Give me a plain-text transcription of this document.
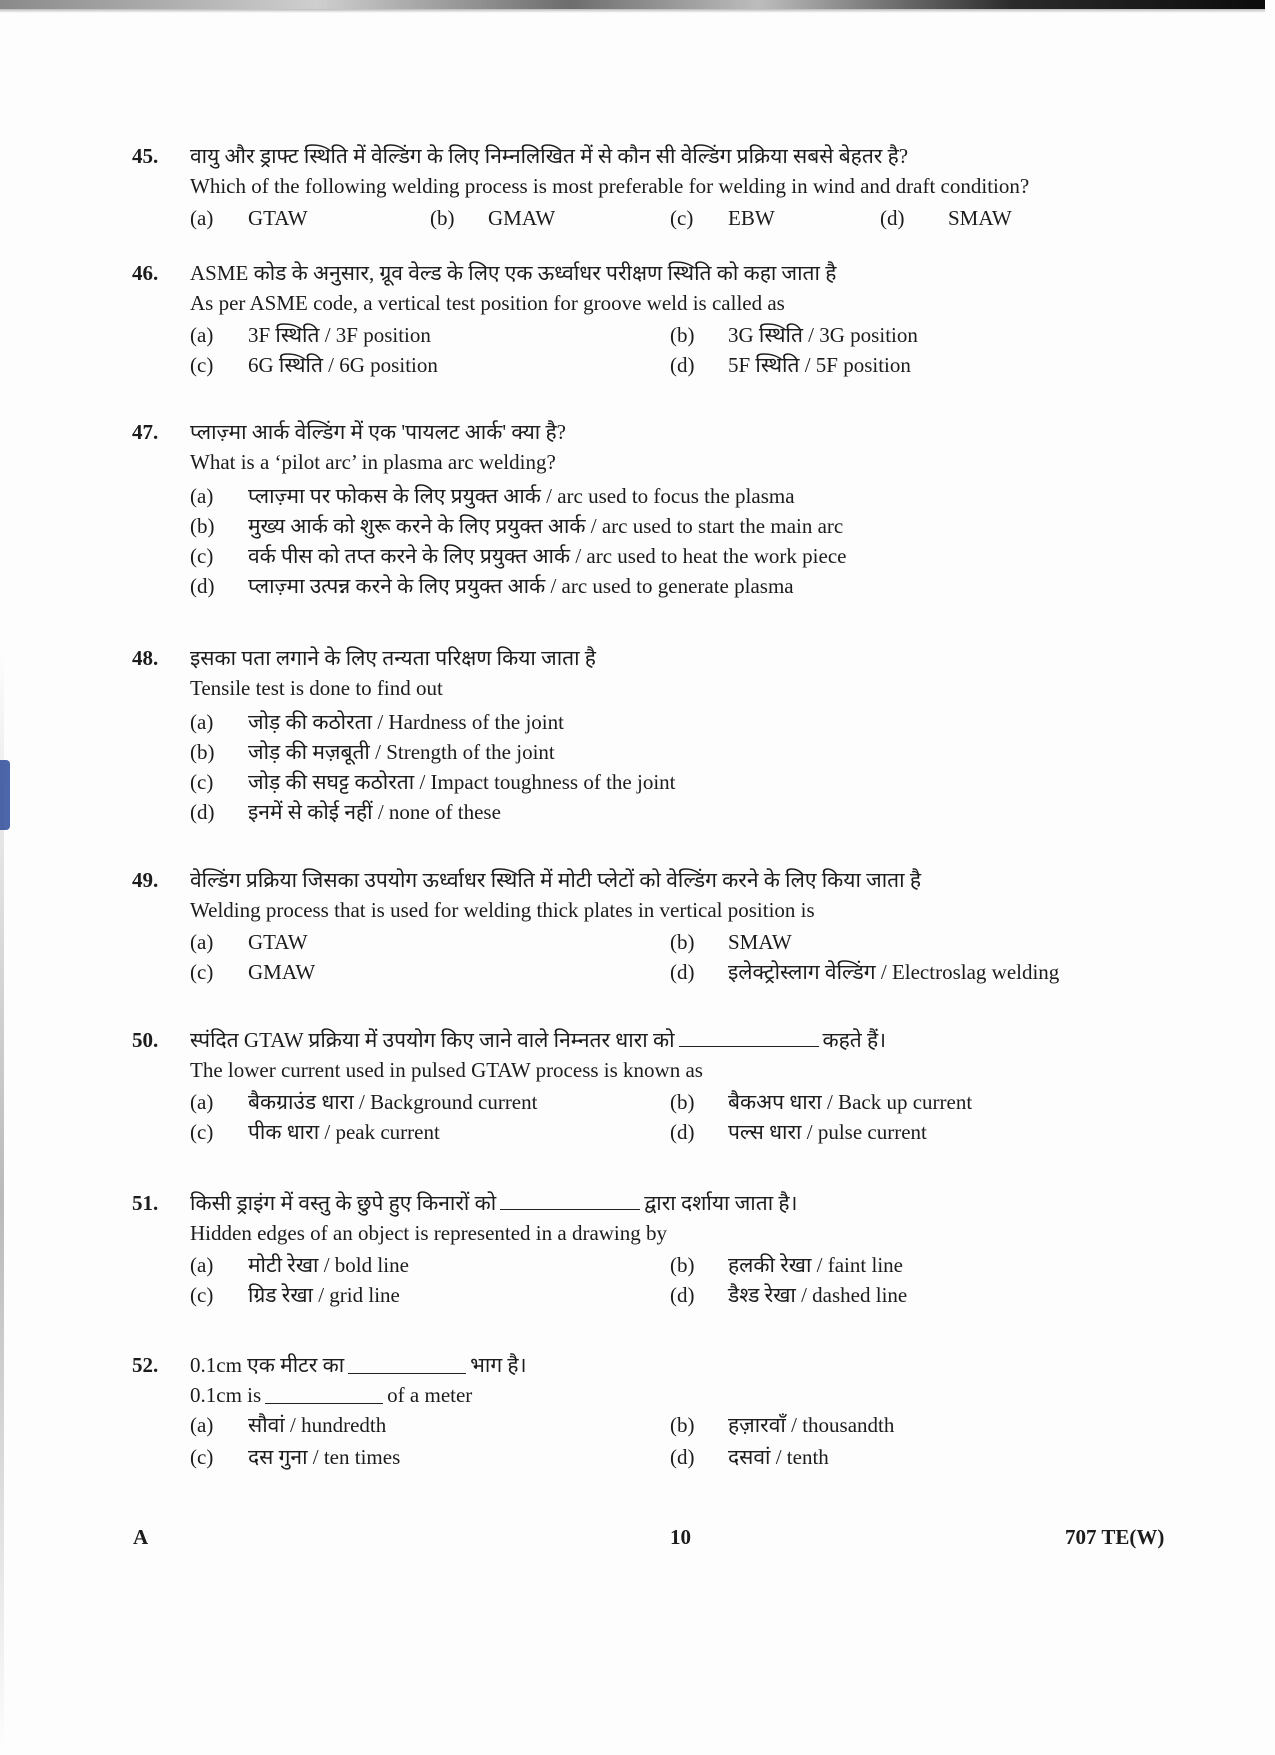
45. वायु और ड्राफ्ट स्थिति में वेल्डिंग के लिए निम्नलिखित में से कौन सी वेल्डिंग प्रक्रिया सबसे बेहतर है?
Which of the following welding process is most preferable for welding in wind and draft condition?
(a) GTAW	(b) GMAW	(c) EBW	(d) SMAW
46. ASME कोड के अनुसार, ग्रूव वेल्ड के लिए एक ऊर्ध्वाधर परीक्षण स्थिति को कहा जाता है
As per ASME code, a vertical test position for groove weld is called as
(a) 3F स्थिति / 3F position	(b) 3G स्थिति / 3G position
(c) 6G स्थिति / 6G position	(d) 5F स्थिति / 5F position
47. प्लाज़्मा आर्क वेल्डिंग में एक 'पायलट आर्क' क्या है?
What is a ‘pilot arc’ in plasma arc welding?
(a) प्लाज़्मा पर फोकस के लिए प्रयुक्त आर्क / arc used to focus the plasma
(b) मुख्य आर्क को शुरू करने के लिए प्रयुक्त आर्क / arc used to start the main arc
(c) वर्क पीस को तप्त करने के लिए प्रयुक्त आर्क / arc used to heat the work piece
(d) प्लाज़्मा उत्पन्न करने के लिए प्रयुक्त आर्क / arc used to generate plasma
48. इसका पता लगाने के लिए तन्यता परिक्षण किया जाता है
Tensile test is done to find out
(a) जोड़ की कठोरता / Hardness of the joint
(b) जोड़ की मज़बूती / Strength of the joint
(c) जोड़ की सघट्ट कठोरता / Impact toughness of the joint
(d) इनमें से कोई नहीं / none of these
49. वेल्डिंग प्रक्रिया जिसका उपयोग ऊर्ध्वाधर स्थिति में मोटी प्लेटों को वेल्डिंग करने के लिए किया जाता है
Welding process that is used for welding thick plates in vertical position is
(a) GTAW	(b) SMAW
(c) GMAW	(d) इलेक्ट्रोस्लाग वेल्डिंग / Electroslag welding
50. स्पंदित GTAW प्रक्रिया में उपयोग किए जाने वाले निम्नतर धारा को	कहते हैं।
The lower current used in pulsed GTAW process is known as
(a) बैकग्राउंड धारा / Background current	(b) बैकअप धारा / Back up current
(c) पीक धारा / peak current	(d) पल्स धारा / pulse current
51. किसी ड्राइंग में वस्तु के छुपे हुए किनारों को	द्वारा दर्शाया जाता है।
Hidden edges of an object is represented in a drawing by
(a) मोटी रेखा / bold line	(b) हलकी रेखा / faint line
(c) ग्रिड रेखा / grid line	(d) डैश्ड रेखा / dashed line
52. 0.1cm एक मीटर का	भाग है।
0.1cm is	of a meter
(a) सौवां / hundredth	(b) हज़ारवाँ / thousandth
(c) दस गुना / ten times	(d) दसवां / tenth
A	10	707 TE(W)
